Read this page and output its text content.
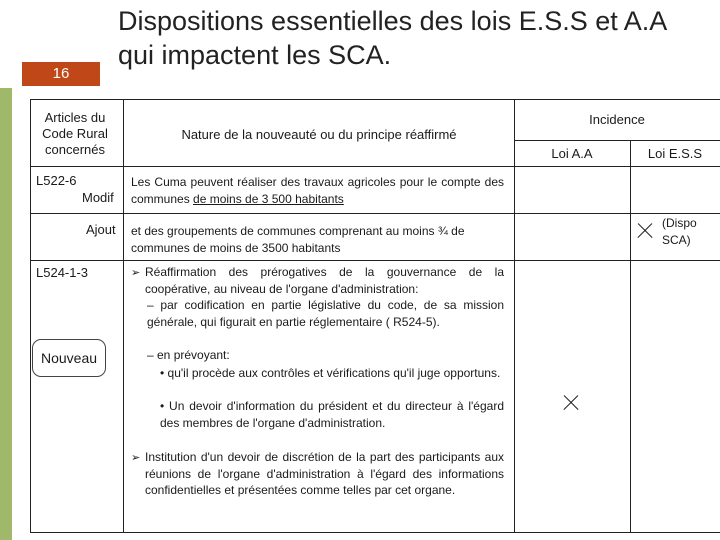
Dispositions essentielles des lois E.S.S et A.A qui impactent les SCA.
16
Articles du Code Rural concernés
Nature de la nouveauté ou du principe réaffirmé
Incidence
Loi A.A	Loi E.S.S
L522-6
Modif
Les Cuma peuvent réaliser des travaux agricoles pour le compte des communes de moins de 3 500 habitants
Ajout et des groupements de communes comprenant au moins ¾ de communes de moins de 3500 habitants
(Dispo SCA)
L524-1-3
Nouveau
➢ Réaffirmation des prérogatives de la gouvernance de la coopérative, au niveau de l'organe d'administration:
– par codification en partie législative du code, de sa mission générale, qui figurait en partie réglementaire ( R524-5).
– en prévoyant:
• qu'il procède aux contrôles et vérifications qu'il juge opportuns.
• Un devoir d'information du président et du directeur à l'égard des membres de l'organe d'administration.
➢ Institution d'un devoir de discrétion de la part des participants aux réunions de l'organe d'administration à l'égard des informations confidentielles et présentées comme telles par cet organe.
